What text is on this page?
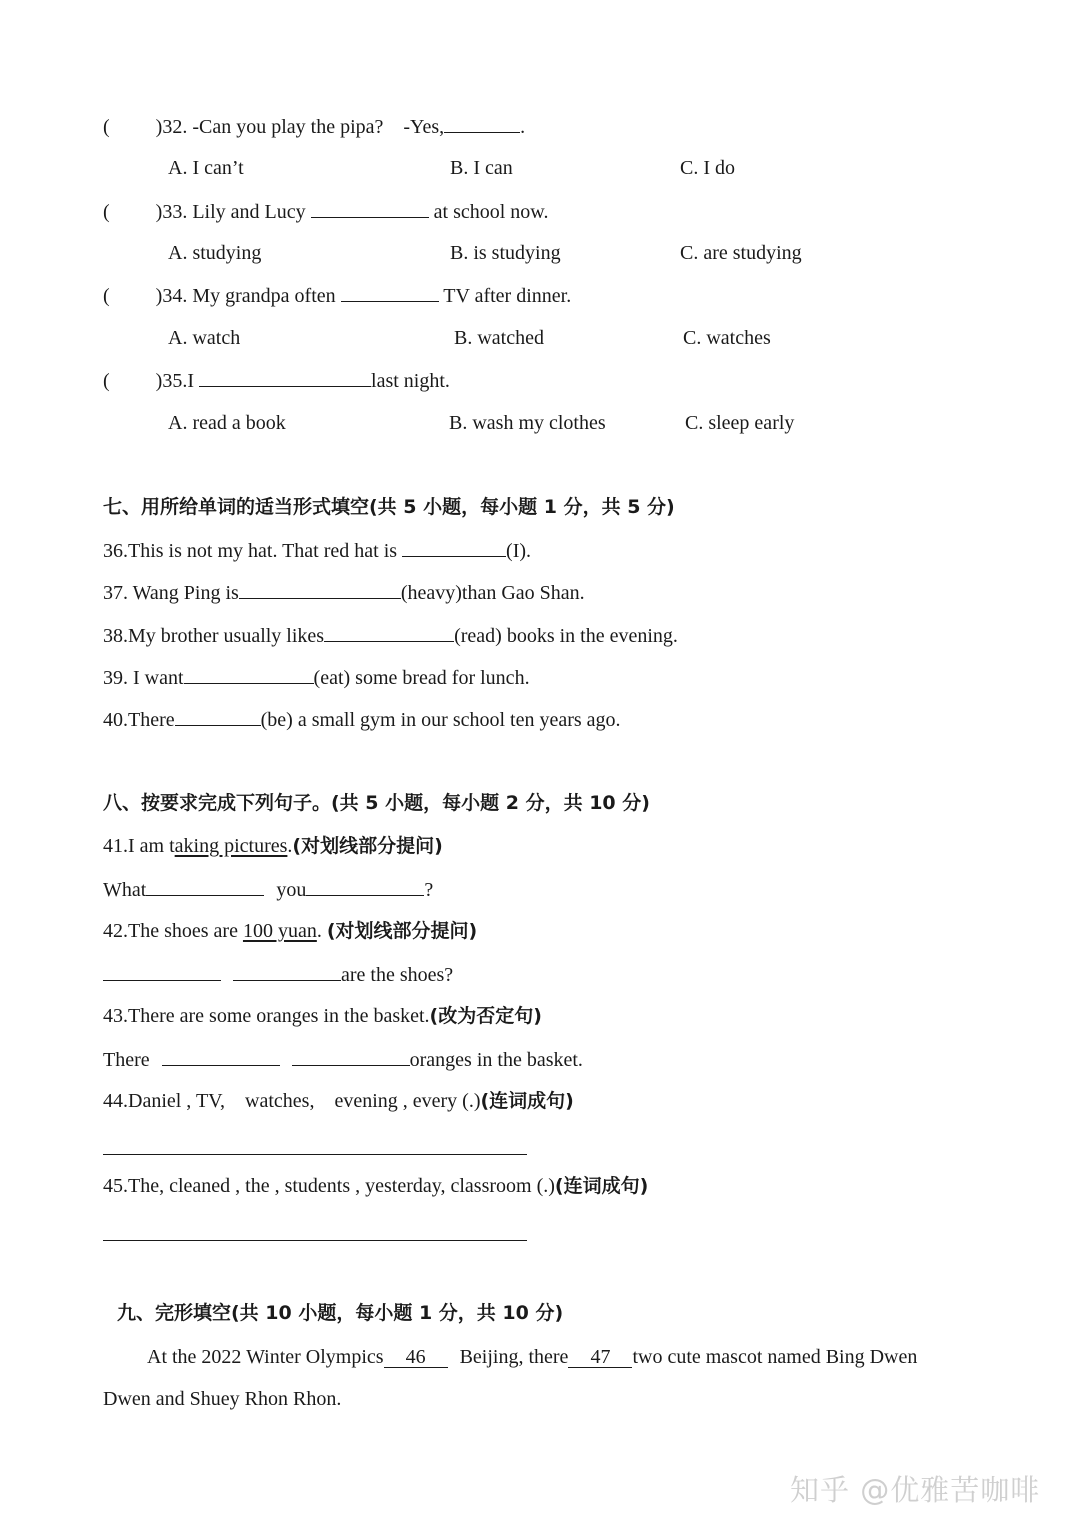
( )32. -Can you play the pipa?    -Yes,	.
A. I can’t	B. I can	C. I do
( )33. Lily and Lucy	at school now.
A. studying	B. is studying	C. are studying
( )34. My grandpa often	TV after dinner.
A. watch	B. watched	C. watches
( )35.I	last night.
A. read a book	B. wash my clothes	C. sleep early
七、用所给单词的适当形式填空(共 5 小题，每小题 1 分，共 5 分)
36.This is not my hat. That red hat is	(I).
37. Wang Ping is	(heavy)than Gao Shan.
38.My brother usually likes	(read) books in the evening.
39. I want	(eat) some bread for lunch.
40.There	(be) a small gym in our school ten years ago.
八、按要求完成下列句子。(共 5 小题，每小题 2 分，共 10 分)
41.I am taking pictures.(对划线部分提问)
What	you	?
42.The shoes are 100 yuan. (对划线部分提问)
are the shoes?
43.There are some oranges in the basket.(改为否定句)
There	oranges in the basket.
44.Daniel , TV,    watches,    evening , every (.)(连词成句)
45.The, cleaned , the , students , yesterday, classroom (.)(连词成句)
九、完形填空(共 10 小题，每小题 1 分，共 10 分)
At the 2022 Winter Olympics 46 Beijing, there 47 two cute mascot named Bing Dwen
Dwen and Shuey Rhon Rhon.
知乎 @优雅苦咖啡
